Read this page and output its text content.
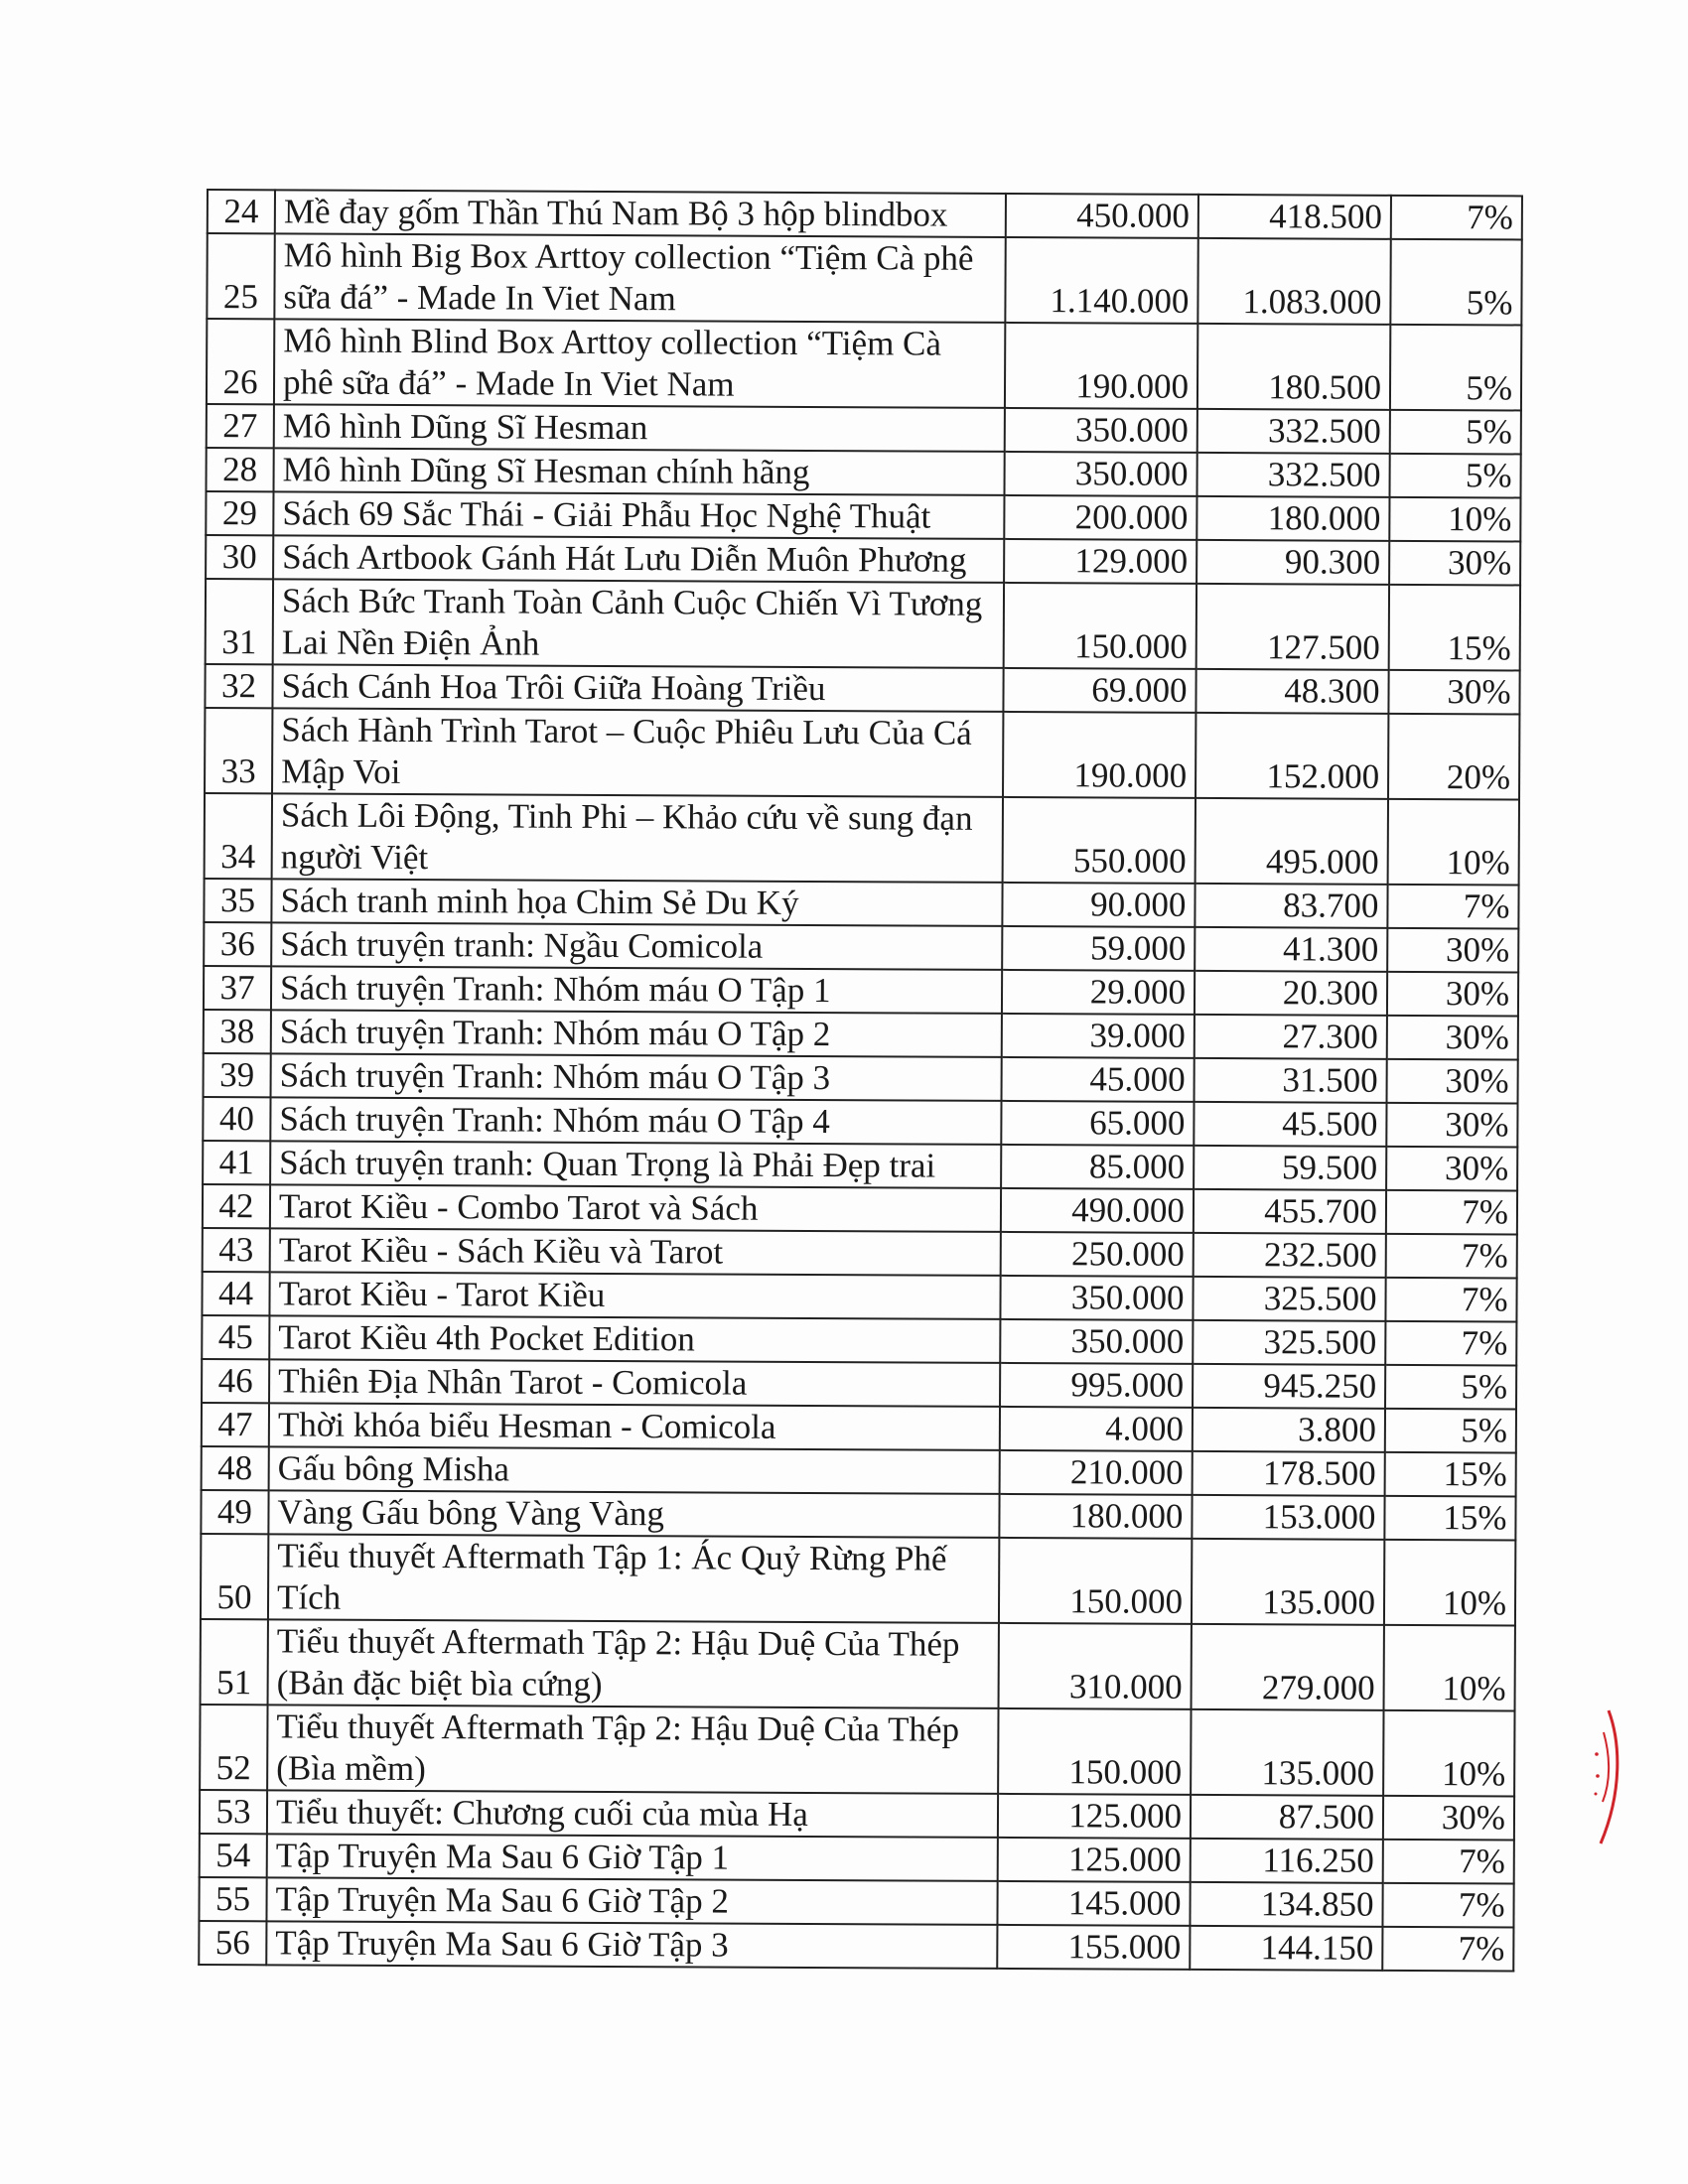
24	Mề đay gốm Thần Thú Nam Bộ 3 hộp blindbox	450.000	418.500	7%
25	Mô hình Big Box Arttoy collection “Tiệm Cà phê sữa đá” - Made In Viet Nam	1.140.000	1.083.000	5%
26	Mô hình Blind Box Arttoy collection “Tiệm Cà phê sữa đá” - Made In Viet Nam	190.000	180.500	5%
27	Mô hình Dũng Sĩ Hesman	350.000	332.500	5%
28	Mô hình Dũng Sĩ Hesman chính hãng	350.000	332.500	5%
29	Sách 69 Sắc Thái - Giải Phẫu Học Nghệ Thuật	200.000	180.000	10%
30	Sách Artbook Gánh Hát Lưu Diễn Muôn Phương	129.000	90.300	30%
31	Sách Bức Tranh Toàn Cảnh Cuộc Chiến Vì Tương Lai Nền Điện Ảnh	150.000	127.500	15%
32	Sách Cánh Hoa Trôi Giữa Hoàng Triều	69.000	48.300	30%
33	Sách Hành Trình Tarot – Cuộc Phiêu Lưu Của Cá Mập Voi	190.000	152.000	20%
34	Sách Lôi Động, Tinh Phi – Khảo cứu về sung đạn người Việt	550.000	495.000	10%
35	Sách tranh minh họa Chim Sẻ Du Ký	90.000	83.700	7%
36	Sách truyện tranh: Ngầu Comicola	59.000	41.300	30%
37	Sách truyện Tranh: Nhóm máu O Tập 1	29.000	20.300	30%
38	Sách truyện Tranh: Nhóm máu O Tập 2	39.000	27.300	30%
39	Sách truyện Tranh: Nhóm máu O Tập 3	45.000	31.500	30%
40	Sách truyện Tranh: Nhóm máu O Tập 4	65.000	45.500	30%
41	Sách truyện tranh: Quan Trọng là Phải Đẹp trai	85.000	59.500	30%
42	Tarot Kiều - Combo Tarot và Sách	490.000	455.700	7%
43	Tarot Kiều - Sách Kiều và Tarot	250.000	232.500	7%
44	Tarot Kiều - Tarot Kiều	350.000	325.500	7%
45	Tarot Kiều 4th Pocket Edition	350.000	325.500	7%
46	Thiên Địa Nhân Tarot - Comicola	995.000	945.250	5%
47	Thời khóa biểu Hesman - Comicola	4.000	3.800	5%
48	Gấu bông Misha	210.000	178.500	15%
49	Vàng Gấu bông Vàng Vàng	180.000	153.000	15%
50	Tiểu thuyết Aftermath Tập 1: Ác Quỷ Rừng Phế Tích	150.000	135.000	10%
51	Tiểu thuyết Aftermath Tập 2: Hậu Duệ Của Thép (Bản đặc biệt bìa cứng)	310.000	279.000	10%
52	Tiểu thuyết Aftermath Tập 2: Hậu Duệ Của Thép (Bìa mềm)	150.000	135.000	10%
53	Tiểu thuyết: Chương cuối của mùa Hạ	125.000	87.500	30%
54	Tập Truyện Ma Sau 6 Giờ Tập 1	125.000	116.250	7%
55	Tập Truyện Ma Sau 6 Giờ Tập 2	145.000	134.850	7%
56	Tập Truyện Ma Sau 6 Giờ Tập 3	155.000	144.150	7%
